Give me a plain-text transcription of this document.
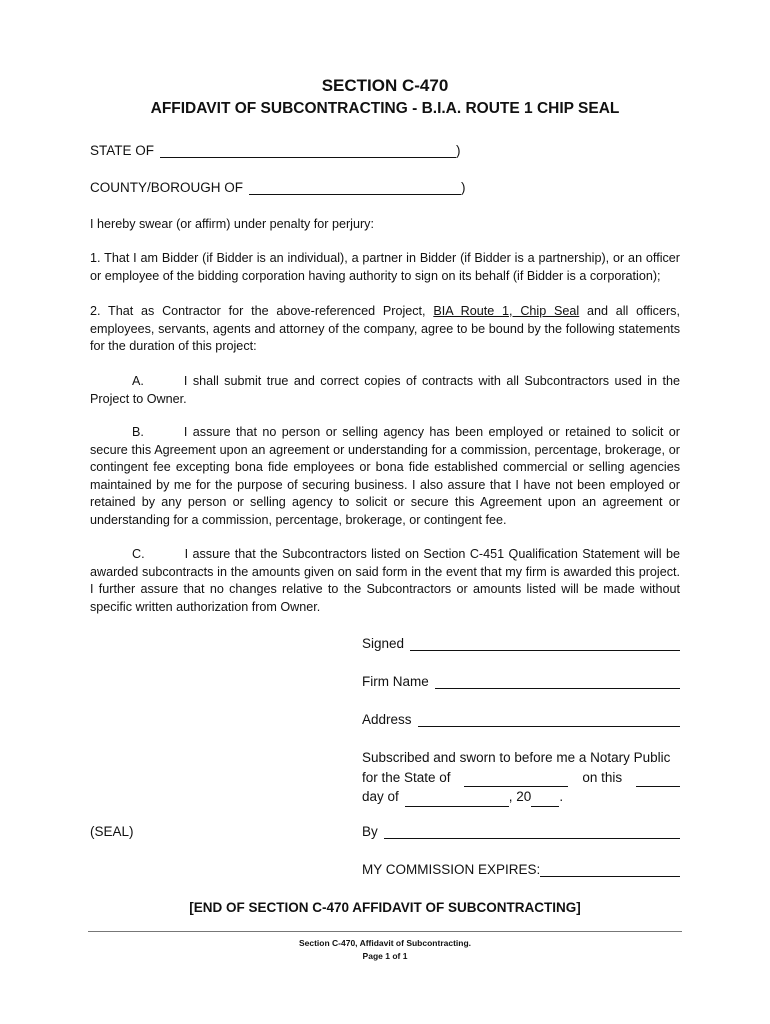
SECTION C-470
AFFIDAVIT OF SUBCONTRACTING - B.I.A. ROUTE 1 CHIP SEAL
STATE OF	)
COUNTY/BOROUGH OF	)
I hereby swear (or affirm) under penalty for perjury:
1. That I am Bidder (if Bidder is an individual), a partner in Bidder (if Bidder is a partnership), or an officer or employee of the bidding corporation having authority to sign on its behalf (if Bidder is a corporation);
2. That as Contractor for the above-referenced Project, BIA Route 1, Chip Seal and all officers, employees, servants, agents and attorney of the company, agree to be bound by the following statements for the duration of this project:
A.	I shall submit true and correct copies of contracts with all Subcontractors used in the Project to Owner.
B.	I assure that no person or selling agency has been employed or retained to solicit or secure this Agreement upon an agreement or understanding for a commission, percentage, brokerage, or contingent fee excepting bona fide employees or bona fide established commercial or selling agencies maintained by me for the purpose of securing business. I also assure that I have not been employed or retained by any person or selling agency to solicit or secure this Agreement upon an agreement or understanding for a commission, percentage, brokerage, or contingent fee.
C.	I assure that the Subcontractors listed on Section C-451 Qualification Statement will be awarded subcontracts in the amounts given on said form in the event that my firm is awarded this project. I further assure that no changes relative to the Subcontractors or amounts listed will be made without specific written authorization from Owner.
Signed
Firm Name
Address
Subscribed and sworn to before me a Notary Public
for the State of	on this
day of	, 20 .
(SEAL)	By
MY COMMISSION EXPIRES:
[END OF SECTION C-470 AFFIDAVIT OF SUBCONTRACTING]
Section C-470, Affidavit of Subcontracting.
Page 1 of 1
